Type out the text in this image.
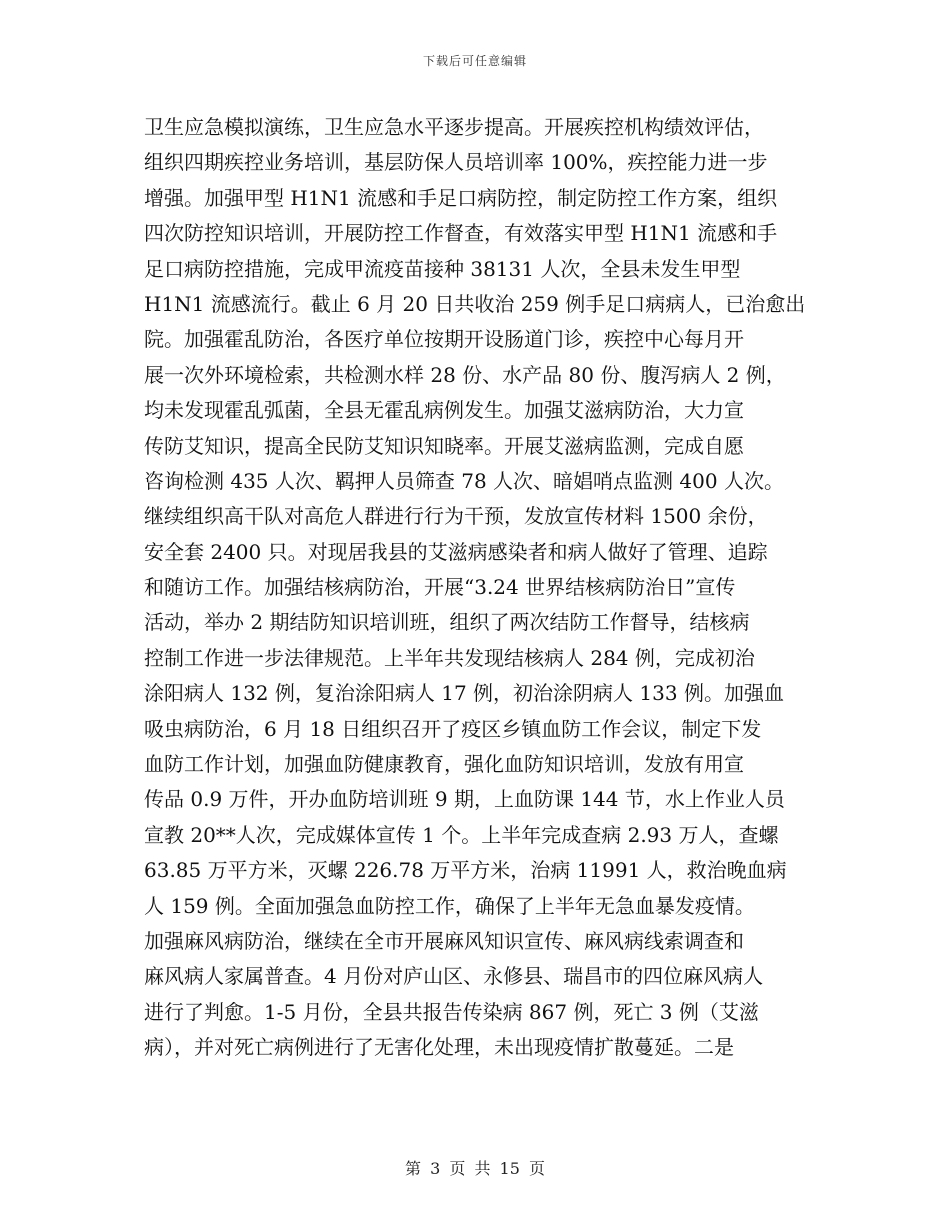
下载后可任意编辑
卫生应急模拟演练，卫生应急水平逐步提高。开展疾控机构绩效评估，
组织四期疾控业务培训，基层防保人员培训率 100%，疾控能力进一步
增强。加强甲型 H1N1 流感和手足口病防控，制定防控工作方案，组织
四次防控知识培训，开展防控工作督查，有效落实甲型 H1N1 流感和手
足口病防控措施，完成甲流疫苗接种 38131 人次，全县未发生甲型
H1N1 流感流行。截止 6 月 20 日共收治 259 例手足口病病人，已治愈出
院。加强霍乱防治，各医疗单位按期开设肠道门诊，疾控中心每月开
展一次外环境检索，共检测水样 28 份、水产品 80 份、腹泻病人 2 例，
均未发现霍乱弧菌，全县无霍乱病例发生。加强艾滋病防治，大力宣
传防艾知识，提高全民防艾知识知晓率。开展艾滋病监测，完成自愿
咨询检测 435 人次、羁押人员筛查 78 人次、暗娼哨点监测 400 人次。
继续组织高干队对高危人群进行行为干预，发放宣传材料 1500 余份，
安全套 2400 只。对现居我县的艾滋病感染者和病人做好了管理、追踪
和随访工作。加强结核病防治，开展“3.24 世界结核病防治日”宣传
活动，举办 2 期结防知识培训班，组织了两次结防工作督导，结核病
控制工作进一步法律规范。上半年共发现结核病人 284 例，完成初治
涂阳病人 132 例，复治涂阳病人 17 例，初治涂阴病人 133 例。加强血
吸虫病防治，6 月 18 日组织召开了疫区乡镇血防工作会议，制定下发
血防工作计划，加强血防健康教育，强化血防知识培训，发放有用宣
传品 0.9 万件，开办血防培训班 9 期，上血防课 144 节，水上作业人员
宣教 20**人次，完成媒体宣传 1 个。上半年完成查病 2.93 万人，查螺
63.85 万平方米，灭螺 226.78 万平方米，治病 11991 人，救治晚血病
人 159 例。全面加强急血防控工作，确保了上半年无急血暴发疫情。
加强麻风病防治，继续在全市开展麻风知识宣传、麻风病线索调查和
麻风病人家属普查。4 月份对庐山区、永修县、瑞昌市的四位麻风病人
进行了判愈。1-5 月份，全县共报告传染病 867 例，死亡 3 例（艾滋
病），并对死亡病例进行了无害化处理，未出现疫情扩散蔓延。二是
第 3 页 共 15 页
